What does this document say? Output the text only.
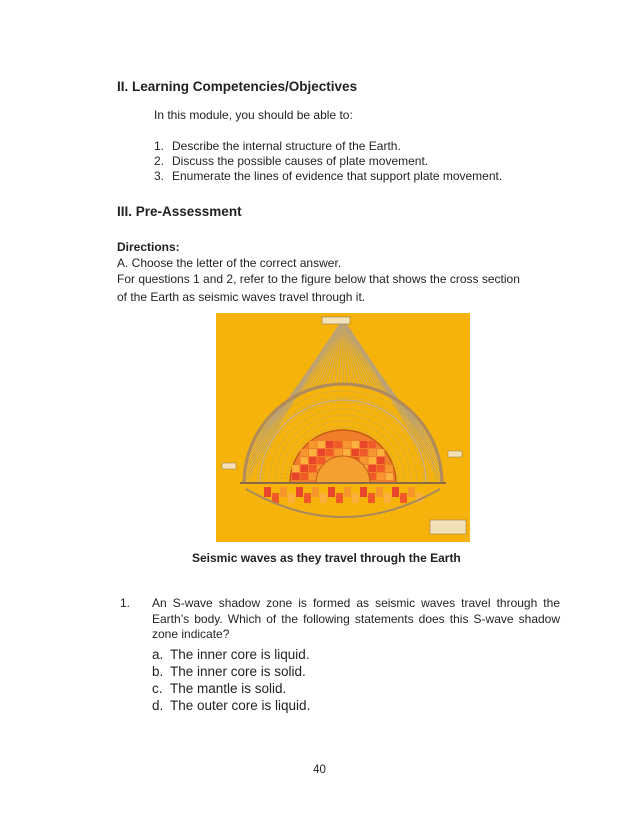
II. Learning Competencies/Objectives
In this module, you should be able to:
1. Describe the internal structure of the Earth.
2. Discuss the possible causes of plate movement.
3. Enumerate the lines of evidence that support plate movement.
III. Pre-Assessment
Directions:
A. Choose the letter of the correct answer.
For questions 1 and 2, refer to the figure below that shows the cross section
of the Earth as seismic waves travel through it.
Seismic waves as they travel through the Earth
1. An S-wave shadow zone is formed as seismic waves travel through the Earth’s body. Which of the following statements does this S-wave shadow zone indicate?
a. The inner core is liquid.
b. The inner core is solid.
c. The mantle is solid.
d. The outer core is liquid.
40
